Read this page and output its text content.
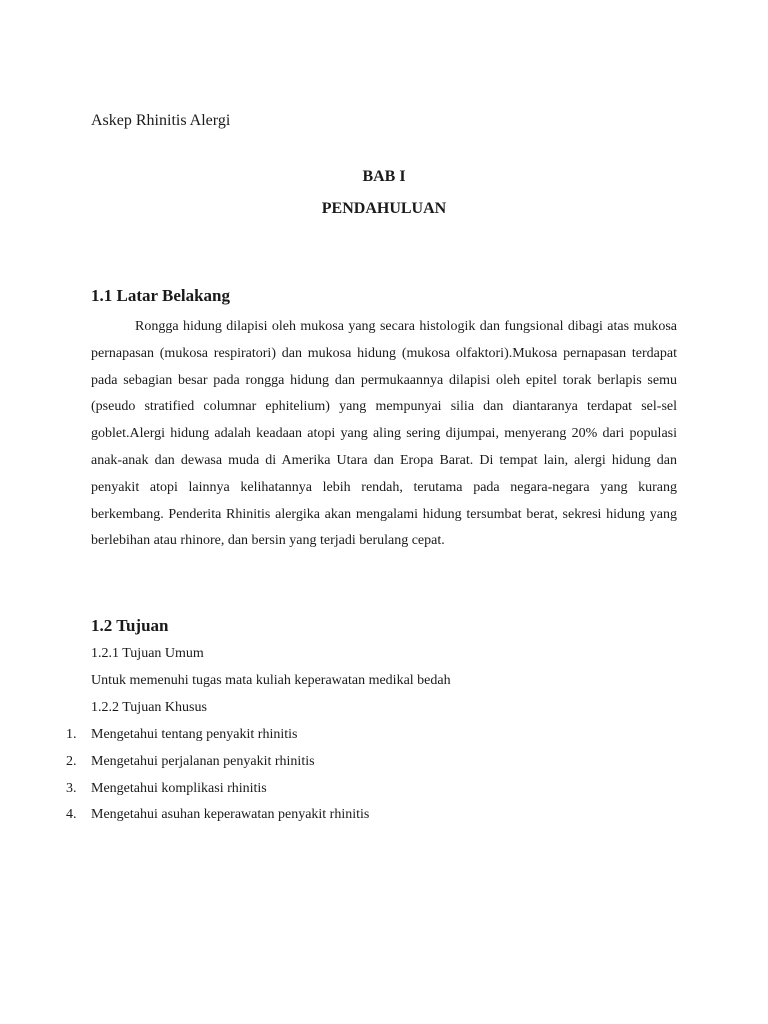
Askep Rhinitis Alergi
BAB I
PENDAHULUAN
1.1 Latar Belakang

Rongga hidung dilapisi oleh mukosa yang secara histologik dan fungsional dibagi atas mukosa pernapasan (mukosa respiratori) dan mukosa hidung (mukosa olfaktori).Mukosa pernapasan terdapat pada sebagian besar pada rongga hidung dan permukaannya dilapisi oleh epitel torak berlapis semu (pseudo stratified columnar ephitelium) yang mempunyai silia dan diantaranya terdapat sel-sel goblet.Alergi hidung adalah keadaan atopi yang aling sering dijumpai, menyerang 20% dari populasi anak-anak dan dewasa muda di Amerika Utara dan Eropa Barat. Di tempat lain, alergi hidung dan penyakit atopi lainnya kelihatannya lebih rendah, terutama pada negara-negara yang kurang berkembang. Penderita Rhinitis alergika akan mengalami hidung tersumbat berat, sekresi hidung yang berlebihan atau rhinore, dan bersin yang terjadi berulang cepat.

1.2 Tujuan

1.2.1 Tujuan Umum

Untuk memenuhi tugas mata kuliah keperawatan medikal bedah

1.2.2 Tujuan Khusus

1. Mengetahui tentang penyakit rhinitis
2. Mengetahui perjalanan penyakit rhinitis
3. Mengetahui komplikasi rhinitis
4. Mengetahui asuhan keperawatan penyakit rhinitis
